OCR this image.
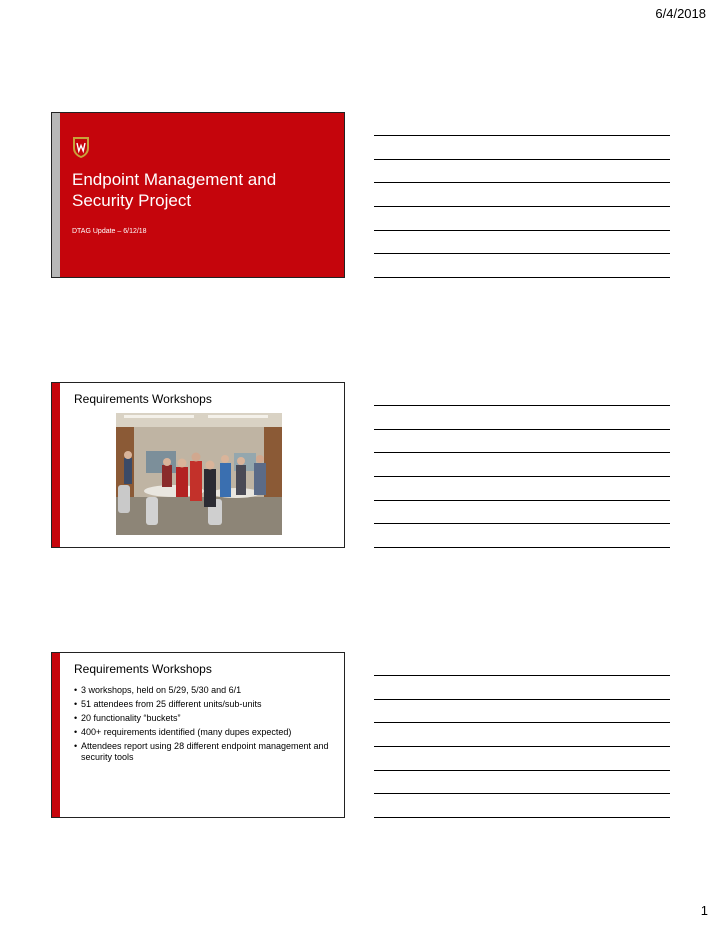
6/4/2018
Endpoint Management and Security Project
DTAG Update – 6/12/18
Requirements Workshops
Requirements Workshops
• 3 workshops, held on 5/29, 5/30 and 6/1
• 51 attendees from 25 different units/sub-units
• 20 functionality “buckets”
• 400+ requirements identified (many dupes expected)
• Attendees report using 28 different endpoint management and security tools
1
